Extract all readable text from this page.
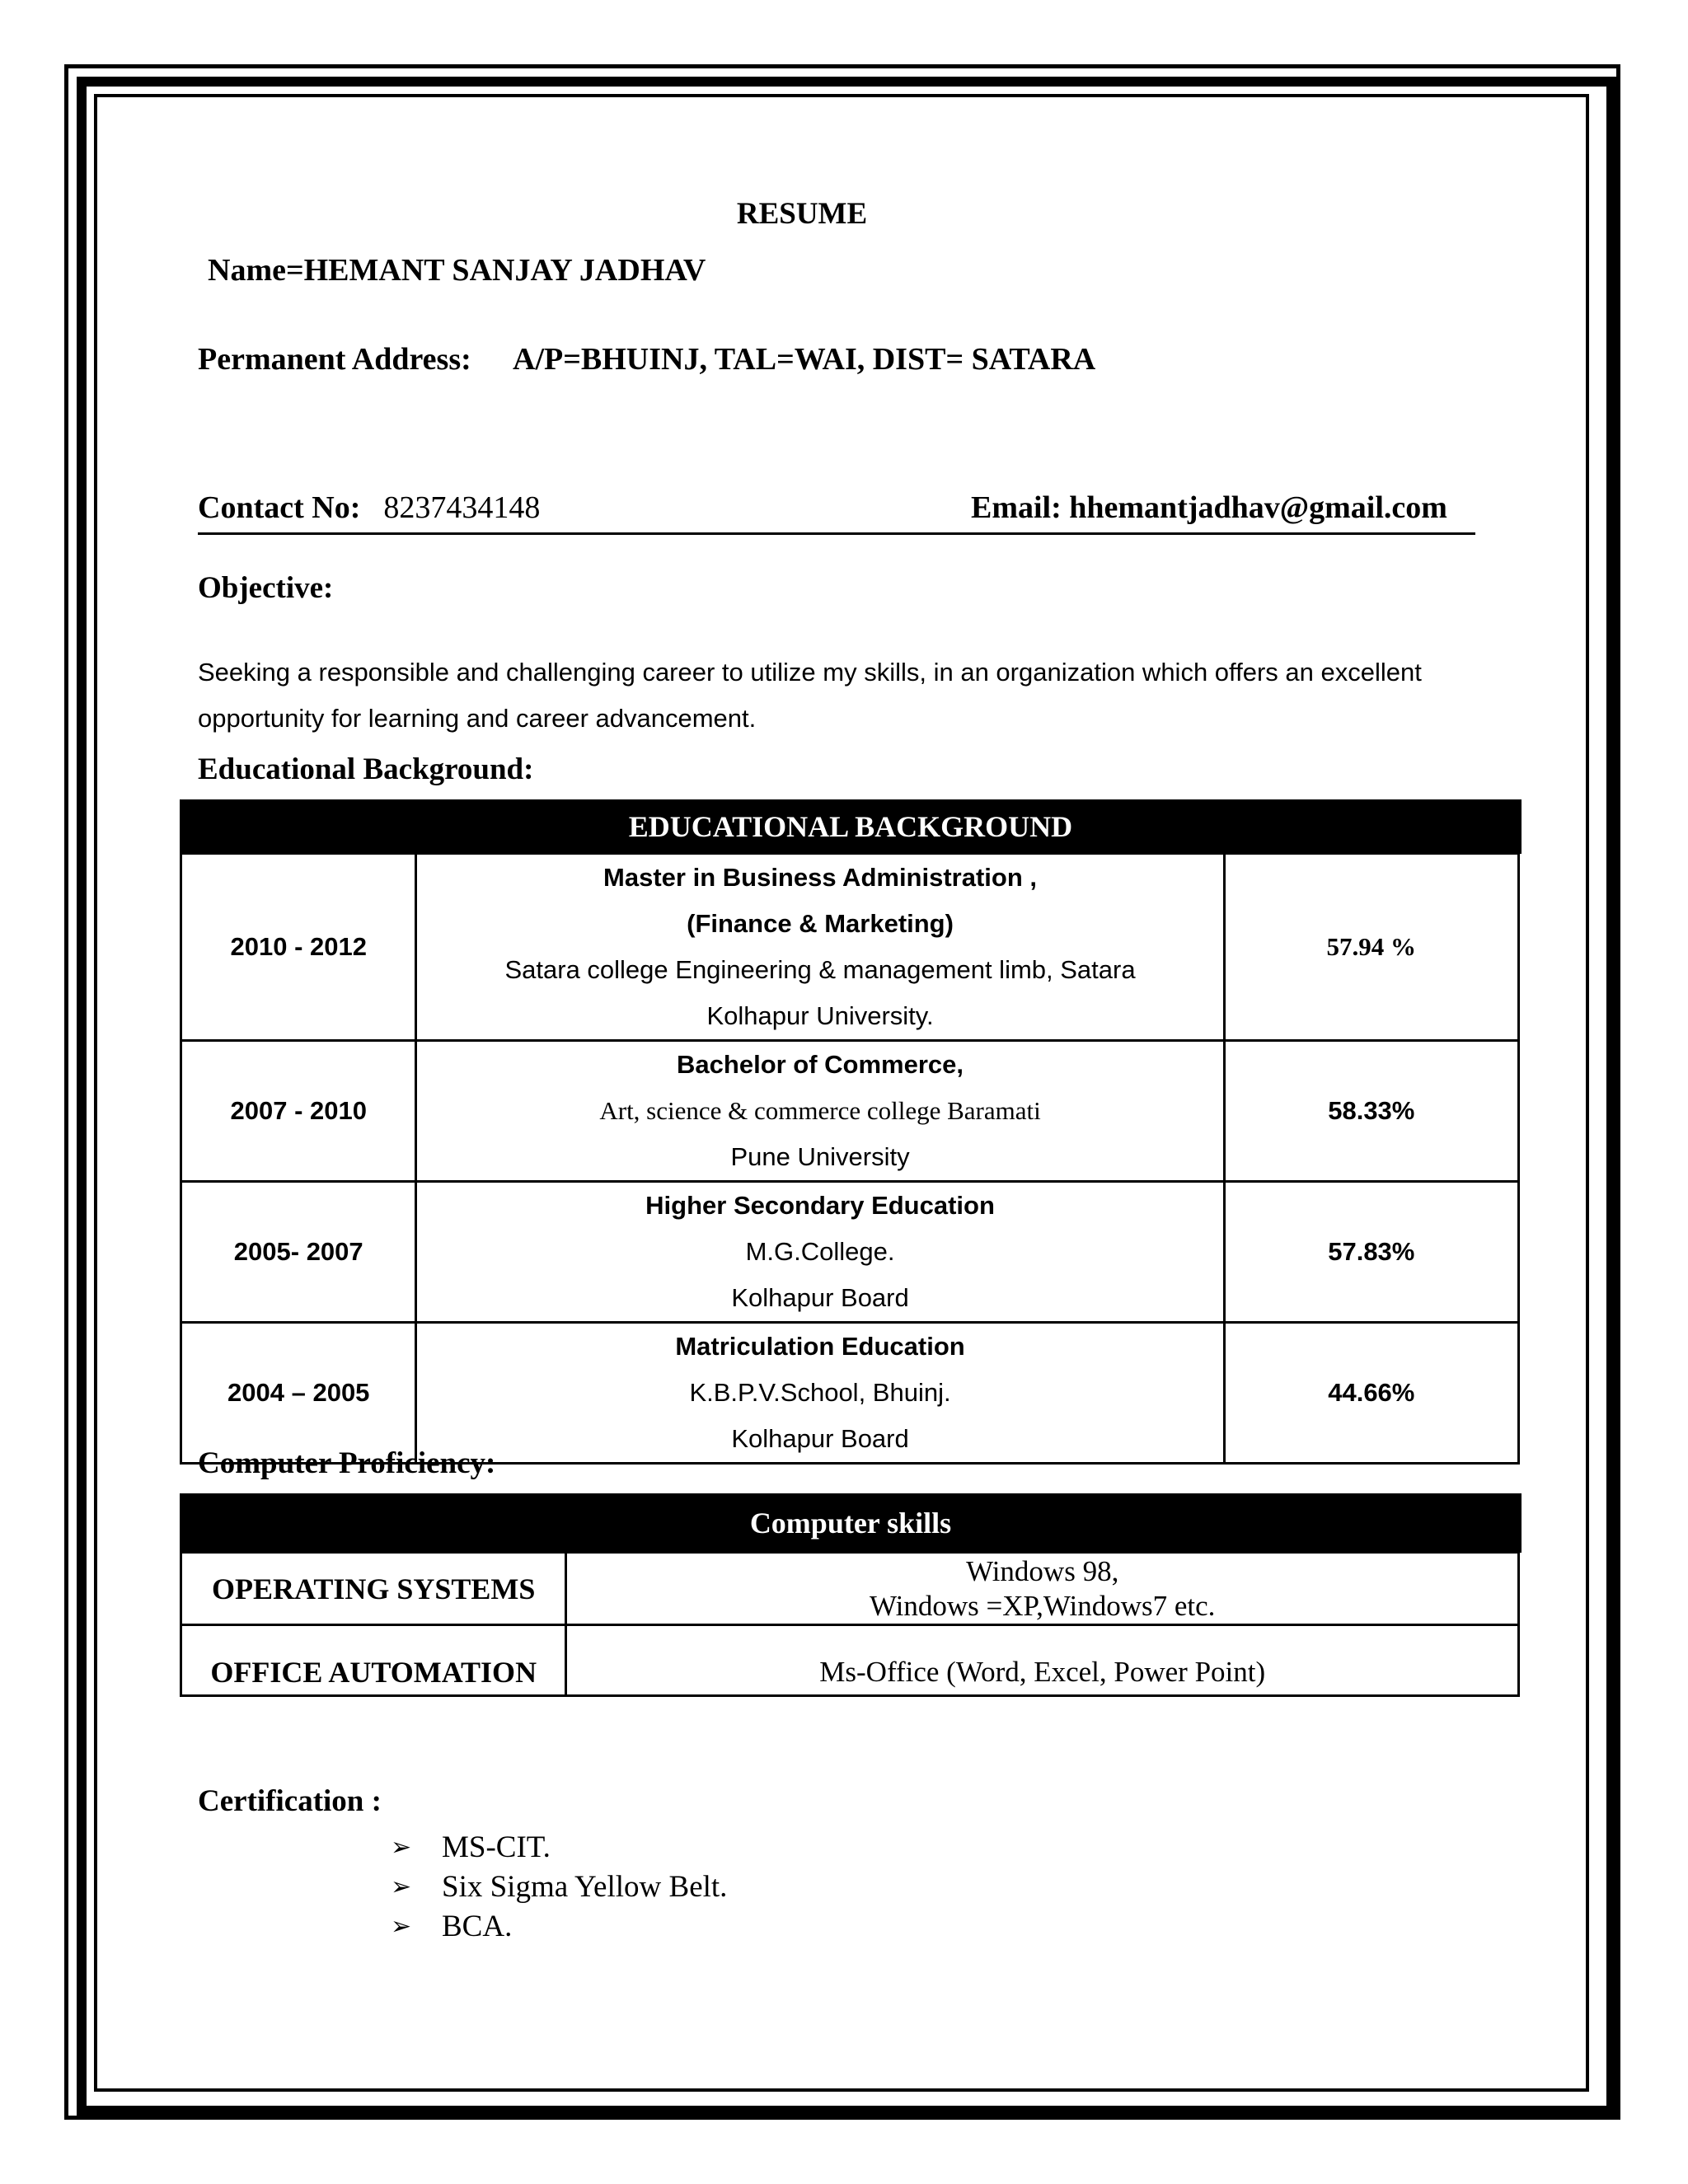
RESUME
Name=HEMANT SANJAY JADHAV
Permanent Address: A/P=BHUINJ, TAL=WAI, DIST= SATARA
Contact No: 8237434148	Email: hhemantjadhav@gmail.com
Objective:
Seeking a responsible and challenging career to utilize my skills, in an organization which offers an excellent opportunity for learning and career advancement.
Educational Background:
EDUCATIONAL BACKGROUND
2010 - 2012	Master in Business Administration ,
(Finance & Marketing)
Satara college Engineering & management limb, Satara
Kolhapur University.	57.94 %
2007 - 2010	Bachelor of Commerce,
Art, science & commerce college Baramati
Pune University	58.33%
2005- 2007	Higher Secondary Education
M.G.College.
Kolhapur Board	57.83%
2004 – 2005	Matriculation Education
K.B.P.V.School, Bhuinj.
Kolhapur Board	44.66%
Computer Proficiency:
Computer skills
OPERATING SYSTEMS	Windows 98,
Windows =XP,Windows7 etc.

OFFICE AUTOMATION	Ms-Office (Word, Excel, Power Point)
Certification :
➢ MS-CIT.
➢ Six Sigma Yellow Belt.
➢ BCA.
